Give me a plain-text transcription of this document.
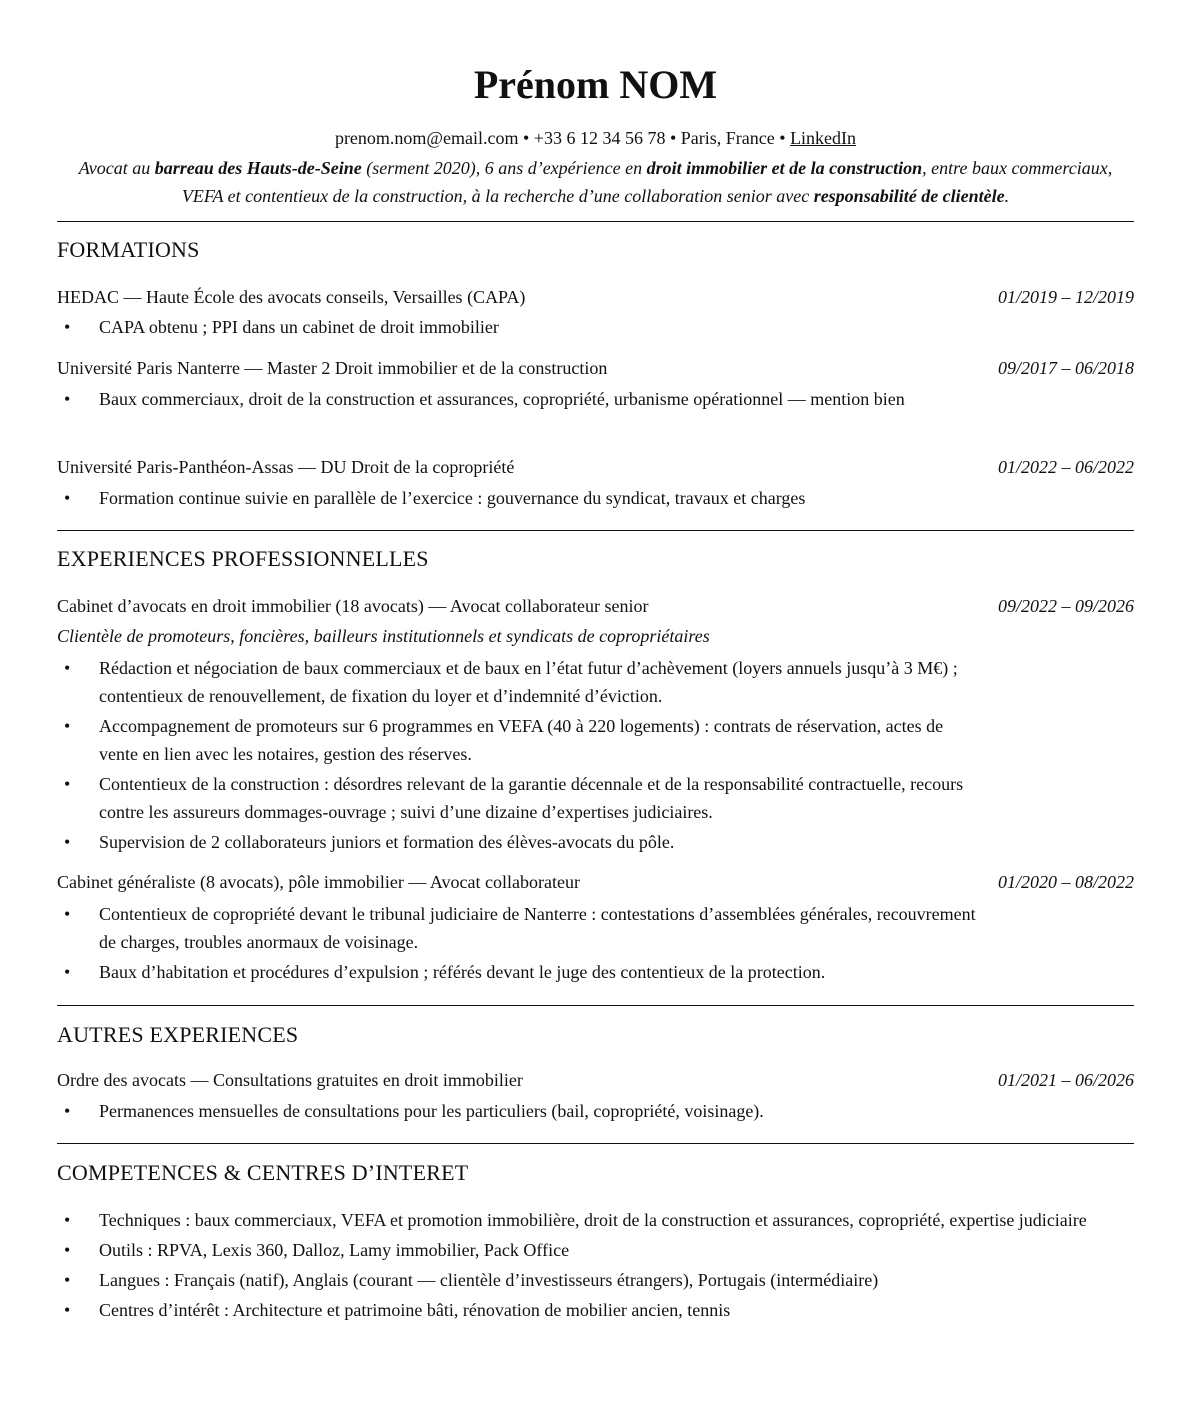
Prénom NOM
prenom.nom@email.com • +33 6 12 34 56 78 • Paris, France • LinkedIn
Avocat au barreau des Hauts-de-Seine (serment 2020), 6 ans d’expérience en droit immobilier et de la construction, entre baux commerciaux, VEFA et contentieux de la construction, à la recherche d’une collaboration senior avec responsabilité de clientèle.
FORMATIONS
HEDAC — Haute École des avocats conseils, Versailles (CAPA)	01/2019 – 12/2019
• CAPA obtenu ; PPI dans un cabinet de droit immobilier
Université Paris Nanterre — Master 2 Droit immobilier et de la construction	09/2017 – 06/2018
• Baux commerciaux, droit de la construction et assurances, copropriété, urbanisme opérationnel — mention bien
Université Paris-Panthéon-Assas — DU Droit de la copropriété	01/2022 – 06/2022
• Formation continue suivie en parallèle de l’exercice : gouvernance du syndicat, travaux et charges
EXPERIENCES PROFESSIONNELLES
Cabinet d’avocats en droit immobilier (18 avocats) — Avocat collaborateur senior	09/2022 – 09/2026
Clientèle de promoteurs, foncières, bailleurs institutionnels et syndicats de copropriétaires
• Rédaction et négociation de baux commerciaux et de baux en l’état futur d’achèvement (loyers annuels jusqu’à 3 M€) ; contentieux de renouvellement, de fixation du loyer et d’indemnité d’éviction.
• Accompagnement de promoteurs sur 6 programmes en VEFA (40 à 220 logements) : contrats de réservation, actes de vente en lien avec les notaires, gestion des réserves.
• Contentieux de la construction : désordres relevant de la garantie décennale et de la responsabilité contractuelle, recours contre les assureurs dommages-ouvrage ; suivi d’une dizaine d’expertises judiciaires.
• Supervision de 2 collaborateurs juniors et formation des élèves-avocats du pôle.
Cabinet généraliste (8 avocats), pôle immobilier — Avocat collaborateur	01/2020 – 08/2022
• Contentieux de copropriété devant le tribunal judiciaire de Nanterre : contestations d’assemblées générales, recouvrement de charges, troubles anormaux de voisinage.
• Baux d’habitation et procédures d’expulsion ; référés devant le juge des contentieux de la protection.
AUTRES EXPERIENCES
Ordre des avocats — Consultations gratuites en droit immobilier	01/2021 – 06/2026
• Permanences mensuelles de consultations pour les particuliers (bail, copropriété, voisinage).
COMPETENCES & CENTRES D’INTERET
• Techniques : baux commerciaux, VEFA et promotion immobilière, droit de la construction et assurances, copropriété, expertise judiciaire
• Outils : RPVA, Lexis 360, Dalloz, Lamy immobilier, Pack Office
• Langues : Français (natif), Anglais (courant — clientèle d’investisseurs étrangers), Portugais (intermédiaire)
• Centres d’intérêt : Architecture et patrimoine bâti, rénovation de mobilier ancien, tennis
